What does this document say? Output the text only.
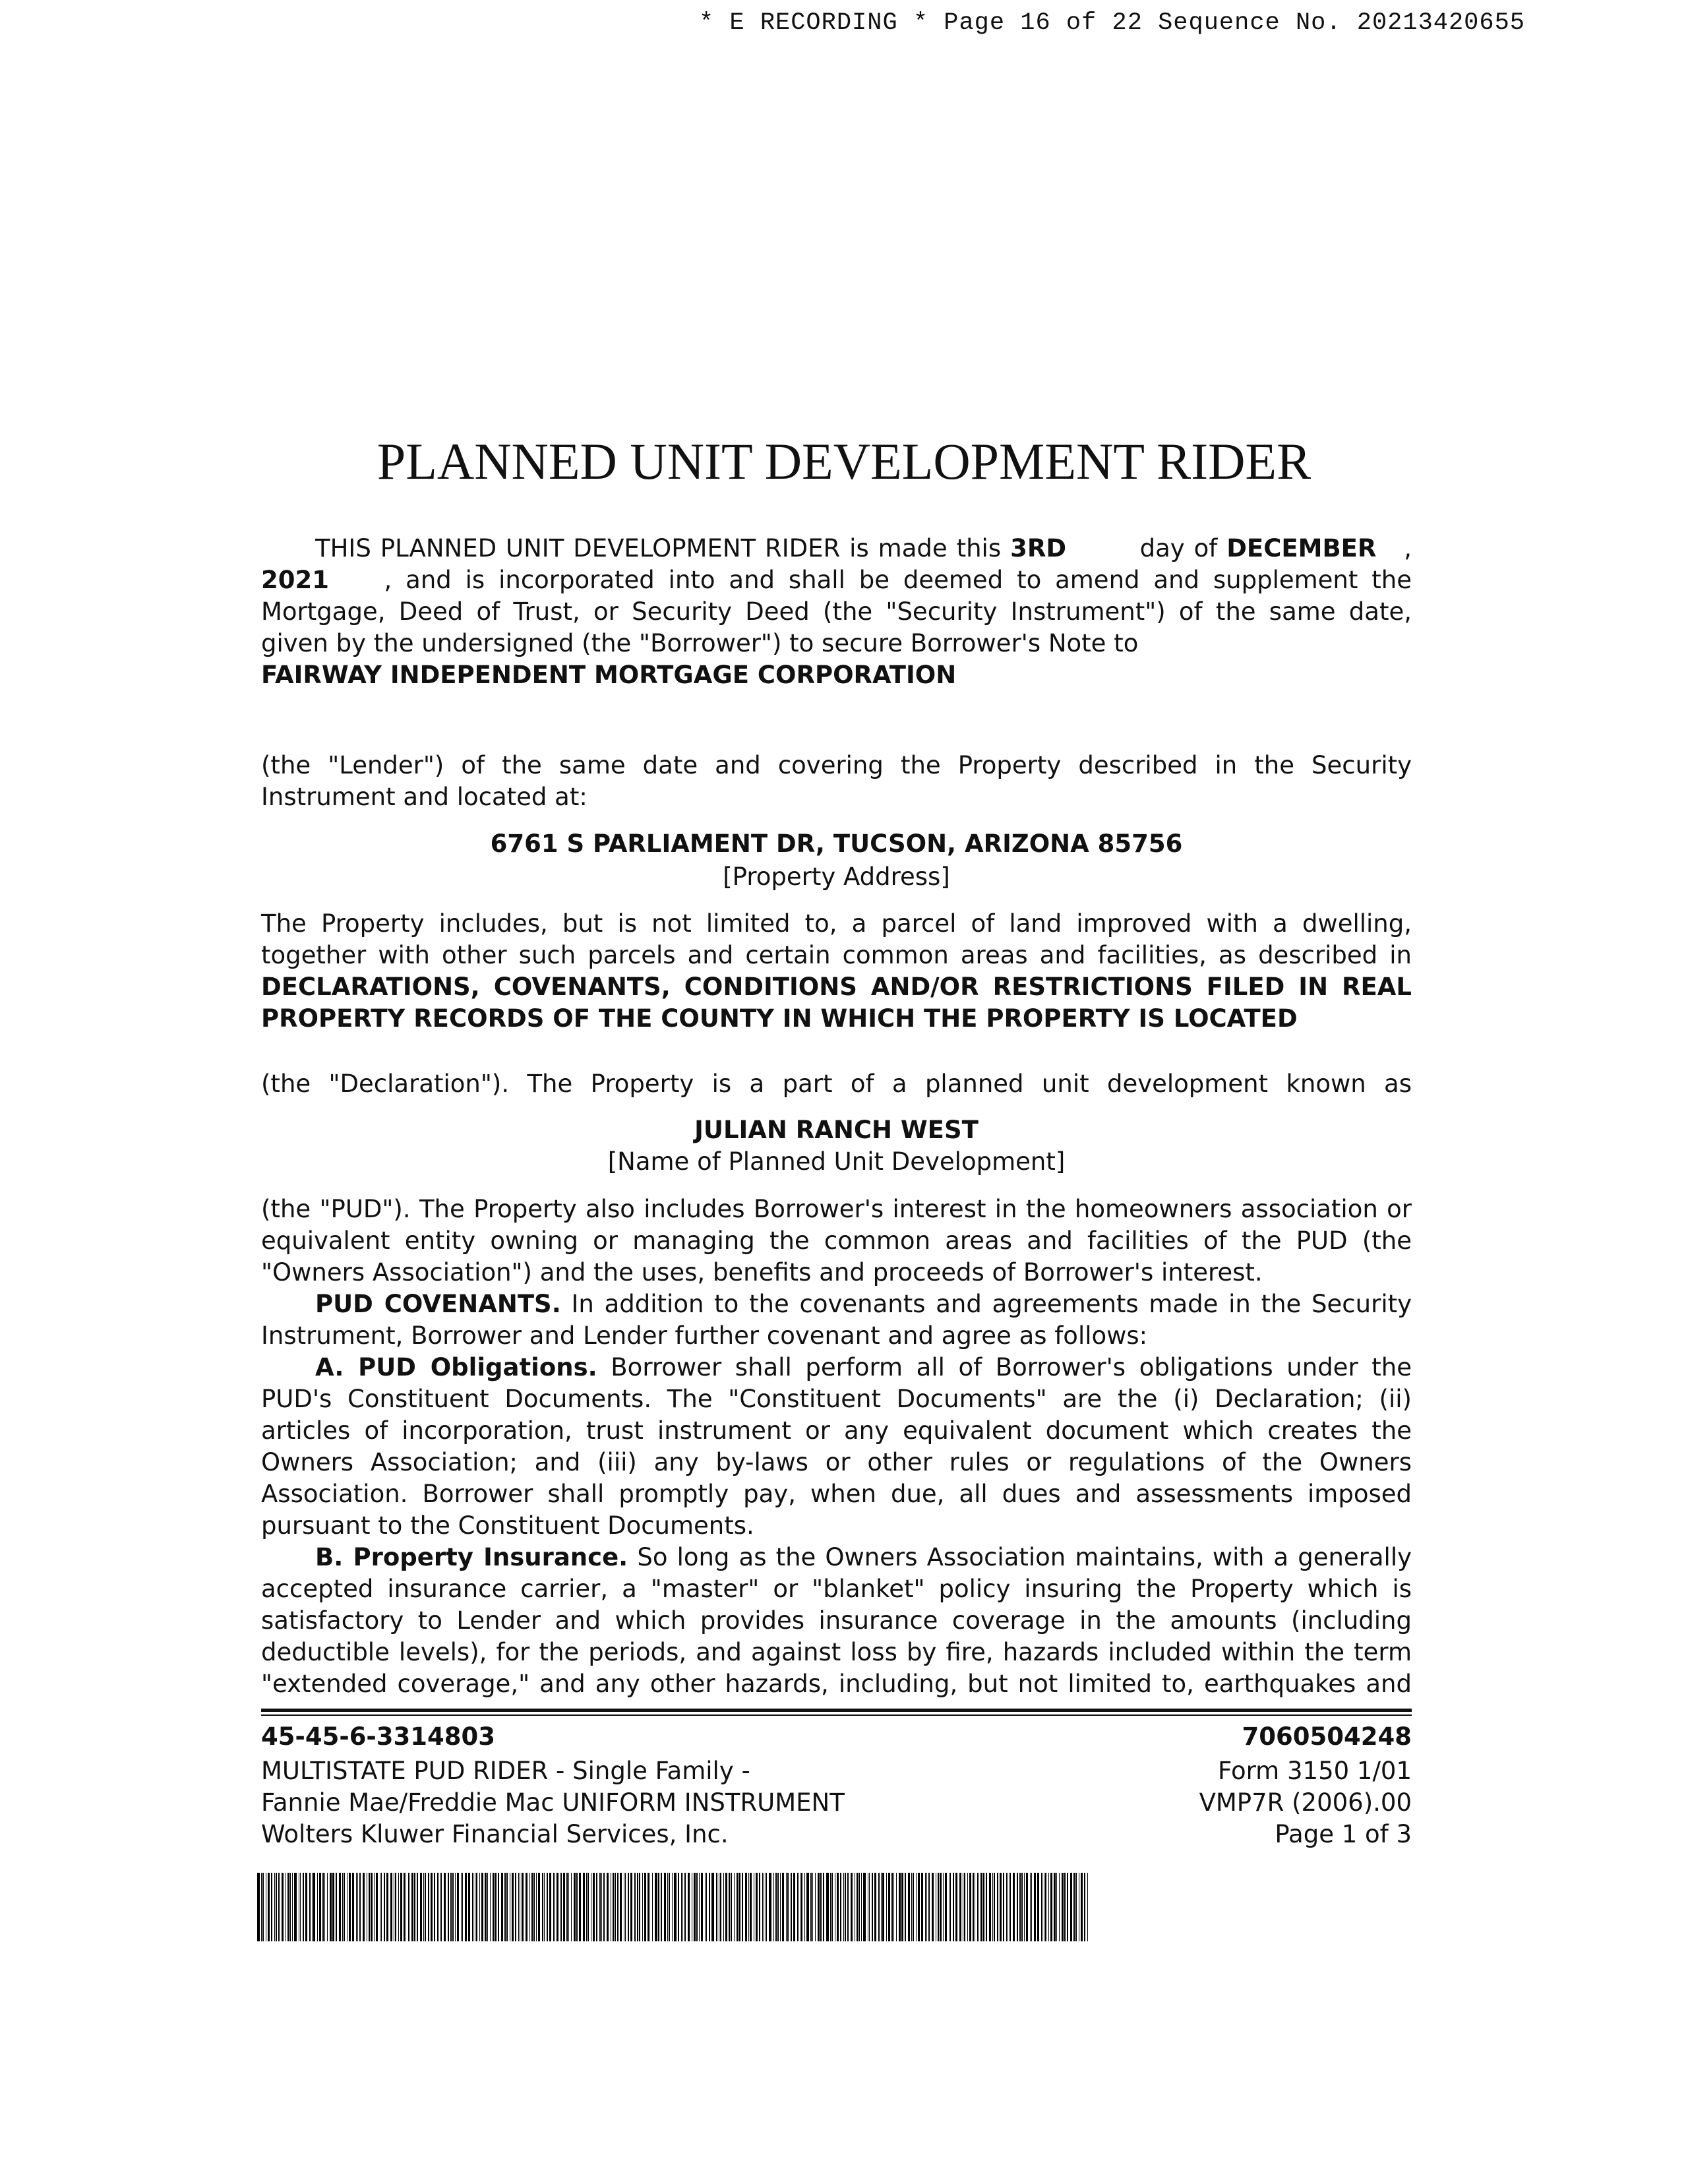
* E RECORDING * Page 16 of 22 Sequence No. 20213420655
PLANNED UNIT DEVELOPMENT RIDER

THIS PLANNED UNIT DEVELOPMENT RIDER is made this 3RD	day of DECEMBER , 2021 , and is incorporated into and shall be deemed to amend and supplement the Mortgage, Deed of Trust, or Security Deed (the "Security Instrument") of the same date, given by the undersigned (the "Borrower") to secure Borrower's Note to

FAIRWAY INDEPENDENT MORTGAGE CORPORATION

(the "Lender") of the same date and covering the Property described in the Security Instrument and located at:

6761 S PARLIAMENT DR, TUCSON, ARIZONA 85756

[Property Address]

The Property includes, but is not limited to, a parcel of land improved with a dwelling, together with other such parcels and certain common areas and facilities, as described in DECLARATIONS, COVENANTS, CONDITIONS AND/OR RESTRICTIONS FILED IN REAL PROPERTY RECORDS OF THE COUNTY IN WHICH THE PROPERTY IS LOCATED

(the "Declaration"). The Property is a part of a planned unit development known as

JULIAN RANCH WEST

[Name of Planned Unit Development]

(the "PUD"). The Property also includes Borrower's interest in the homeowners association or equivalent entity owning or managing the common areas and facilities of the PUD (the "Owners Association") and the uses, benefits and proceeds of Borrower's interest.

PUD COVENANTS. In addition to the covenants and agreements made in the Security Instrument, Borrower and Lender further covenant and agree as follows:

A. PUD Obligations. Borrower shall perform all of Borrower's obligations under the PUD's Constituent Documents. The "Constituent Documents" are the (i) Declaration; (ii) articles of incorporation, trust instrument or any equivalent document which creates the Owners Association; and (iii) any by-laws or other rules or regulations of the Owners Association. Borrower shall promptly pay, when due, all dues and assessments imposed pursuant to the Constituent Documents.

B. Property Insurance. So long as the Owners Association maintains, with a generally accepted insurance carrier, a "master" or "blanket" policy insuring the Property which is satisfactory to Lender and which provides insurance coverage in the amounts (including deductible levels), for the periods, and against loss by fire, hazards included within the term "extended coverage," and any other hazards, including, but not limited to, earthquakes and

45-45-6-3314803	7060504248
MULTISTATE PUD RIDER - Single Family -
Fannie Mae/Freddie Mac UNIFORM INSTRUMENT
Wolters Kluwer Financial Services, Inc.
Form 3150 1/01
VMP7R (2006).00
Page 1 of 3
